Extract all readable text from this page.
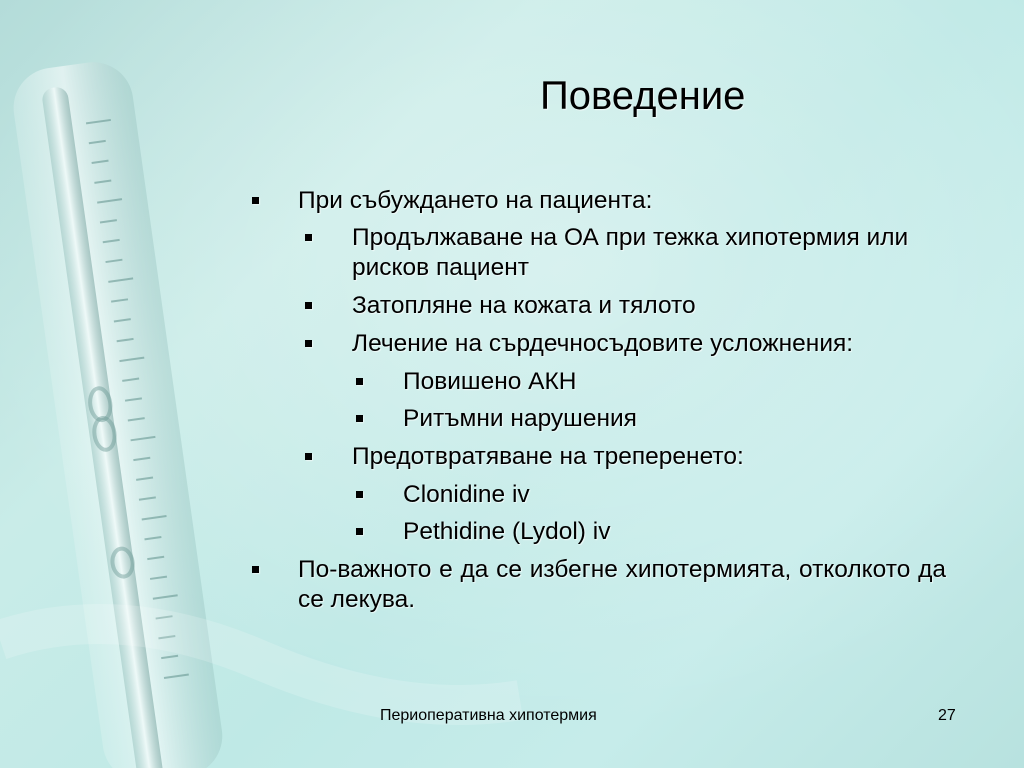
Поведение
При събуждането на пациента:
Продължаване на ОА при тежка хипотермия или рисков пациент
Затопляне на кожата и тялото
Лечение на сърдечносъдовите усложнения:
Повишено АКН
Ритъмни нарушения
Предотвратяване на треперенето:
Clonidine iv
Pethidine (Lydol) iv
По-важното е да се избегне хипотермията, отколкото да се лекува.
Периоперативна хипотермия	27
